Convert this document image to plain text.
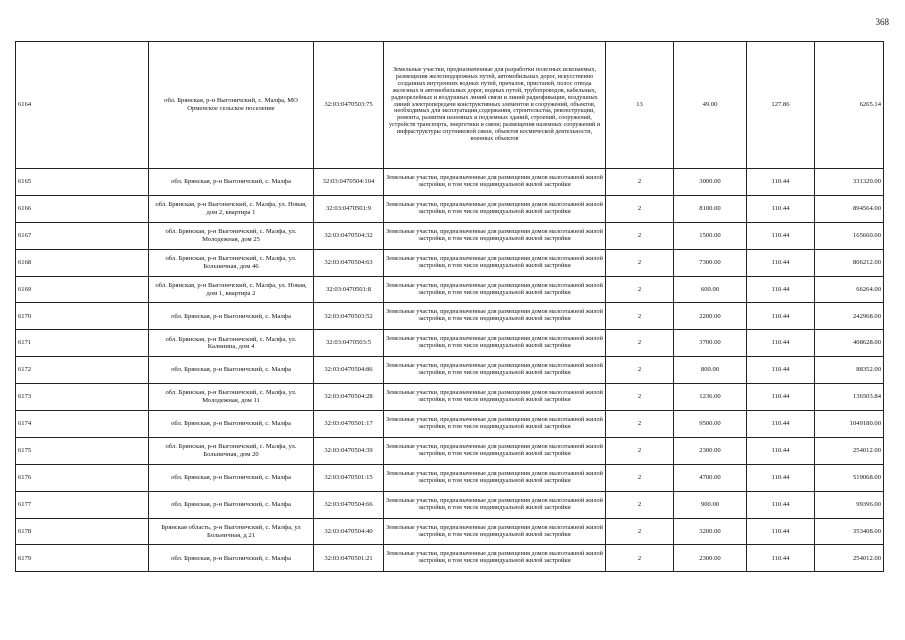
368
6164	обл. Брянская, р-н Выгоничский, с. Малфа, МО Орменское сельское поселение	32:03:0470503:75	Земельные участки, предназначенные для разработки полезных ископаемых, размещения железнодорожных путей, автомобильных дорог, искусственно созданных внутренних водных путей, причалов, пристаней, полос отвода железных и автомобильных дорог, водных путей, трубопроводов, кабельных, радиорелейных и воздушных линий связи и линий радиофикации, воздушных линий электропередачи конструктивных элементов и сооружений, объектов, необходимых для эксплуатации,содержания, строительства, реконструкции, ремонта, развития наземных и подземных зданий, строений, сооружений, устройств транспорта, энергетики и связи; размещения наземных сооружений и инфраструктуры спутниковой связи, объектов космической деятельности, военных объектов	13	49.00	127.86	6265.14
6165	обл. Брянская, р-н Выгоничский, с. Малфа	32:03:0470504:104	Земельные участки, предназначенные для размещения домов малоэтажной жилой застройки, в том числе индивидуальной жилой застройки	2	3000.00	110.44	331320.00
6166	обл. Брянская, р-н Выгоничский, с. Малфа, ул. Новая, дом 2, квартира 1	32:03:0470501:9	Земельные участки, предназначенные для размещения домов малоэтажной жилой застройки, в том числе индивидуальной жилой застройки	2	8100.00	110.44	894564.00
6167	обл. Брянская, р-н Выгоничский, с. Малфа, ул. Молодежная, дом 25	32:03:0470504:32	Земельные участки, предназначенные для размещения домов малоэтажной жилой застройки, в том числе индивидуальной жилой застройки	2	1500.00	110.44	165660.00
6168	обл. Брянская, р-н Выгоничский, с. Малфа, ул. Больничная, дом 46	32:03:0470504:63	Земельные участки, предназначенные для размещения домов малоэтажной жилой застройки, в том числе индивидуальной жилой застройки	2	7300.00	110.44	806212.00
6169	обл. Брянская, р-н Выгоничский, с. Малфа, ул. Новая, дом 1, квартира 2	32:03:0470501:8	Земельные участки, предназначенные для размещения домов малоэтажной жилой застройки, в том числе индивидуальной жилой застройки	2	600.00	110.44	66264.00
6170	обл. Брянская, р-н Выгоничский, с. Малфа	32:03:0470503:52	Земельные участки, предназначенные для размещения домов малоэтажной жилой застройки, в том числе индивидуальной жилой застройки	2	2200.00	110.44	242968.00
6171	обл. Брянская, р-н Выгоничский, с. Малфа, ул. Калинина, дом 4	32:03:0470503:5	Земельные участки, предназначенные для размещения домов малоэтажной жилой застройки, в том числе индивидуальной жилой застройки	2	3700.00	110.44	408628.00
6172	обл. Брянская, р-н Выгоничский, с. Малфа	32:03:0470504:86	Земельные участки, предназначенные для размещения домов малоэтажной жилой застройки, в том числе индивидуальной жилой застройки	2	800.00	110.44	88352.00
6173	обл. Брянская, р-н Выгоничский, с. Малфа, ул. Молодежная, дом 11	32:03:0470504:28	Земельные участки, предназначенные для размещения домов малоэтажной жилой застройки, в том числе индивидуальной жилой застройки	2	1236.00	110.44	136503.84
6174	обл. Брянская, р-н Выгоничский, с. Малфа	32:03:0470501:17	Земельные участки, предназначенные для размещения домов малоэтажной жилой застройки, в том числе индивидуальной жилой застройки	2	9500.00	110.44	1049180.00
6175	обл. Брянская, р-н Выгоничский, с. Малфа, ул. Больничная, дом 20	32:03:0470504:39	Земельные участки, предназначенные для размещения домов малоэтажной жилой застройки, в том числе индивидуальной жилой застройки	2	2300.00	110.44	254012.00
6176	обл. Брянская, р-н Выгоничский, с. Малфа	32:03:0470501:15	Земельные участки, предназначенные для размещения домов малоэтажной жилой застройки, в том числе индивидуальной жилой застройки	2	4700.00	110.44	519068.00
6177	обл. Брянская, р-н Выгоничский, с. Малфа	32:03:0470504:66	Земельные участки, предназначенные для размещения домов малоэтажной жилой застройки, в том числе индивидуальной жилой застройки	2	900.00	110.44	99396.00
6178	Брянская область, р-н Выгоничский, с. Малфа, ул Больничная, д 21	32:03:0470504:40	Земельные участки, предназначенные для размещения домов малоэтажной жилой застройки, в том числе индивидуальной жилой застройки	2	3200.00	110.44	353408.00
6179	обл. Брянская, р-н Выгоничский, с. Малфа	32:03:0470501:21	Земельные участки, предназначенные для размещения домов малоэтажной жилой застройки, в том числе индивидуальной жилой застройки	2	2300.00	110.44	254012.00
